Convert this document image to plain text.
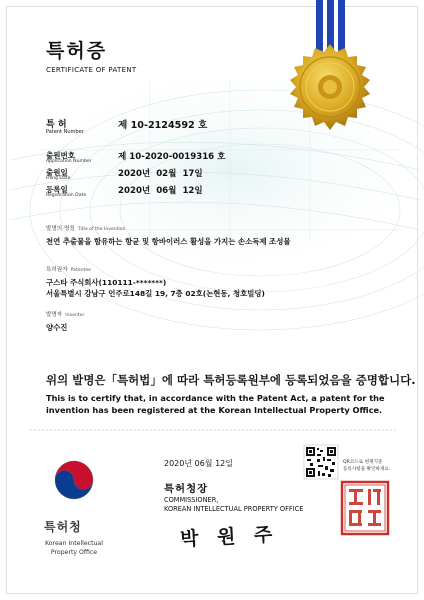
특허증
CERTIFICATE OF PATENT
특 허
Patent Number
제 10-2124592 호
출원번호
Application Number	제 10-2020-0019316 호
출원일
Filing Date	2020년  02월  17일
등록일
Registration Date	2020년  06월  12일
발명의 명칭 Title of the Invention
천연 추출물을 함유하는 항균 및 항바이러스 활성을 가지는 손소독제 조성물
특허권자 Patentee
구스타 주식회사(110111-*******)
서울특별시 강남구 언주로148길 19, 7층 02호(논현동, 청호빌딩)
발명자 Inventor
양수진
위의 발명은「특허법」에 따라 특허등록원부에 등록되었음을 증명합니다.
This is to certify that, in accordance with the Patent Act, a patent for the invention has been registered at the Korean Intellectual Property Office.
2020년 06월 12일
특허청장
COMMISSIONER,
KOREAN INTELLECTUAL PROPERTY OFFICE
박 원 주
QR코드로 현재기준
등록사항을 확인하세요.
특허청
Korean Intellectual Property Office
